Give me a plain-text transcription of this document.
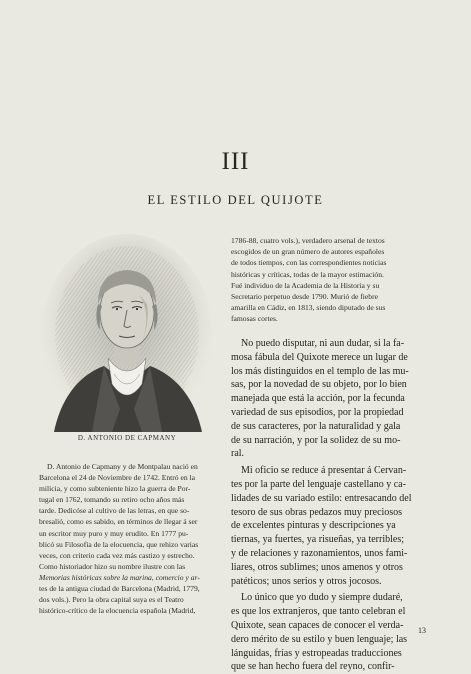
III
EL ESTILO DEL QUIJOTE
D. ANTONIO DE CAPMANY
D. Antonio de Capmany y de Montpalau nació en
Barcelona el 24 de Noviembre de 1742. Entró en la
milicia, y como subteniente hizo la guerra de Por-
tugal en 1762, tomando su retiro ocho años más
tarde. Dedicóse al cultivo de las letras, en que so-
bresalió, como es sabido, en términos de llegar á ser
un escritor muy puro y muy erudito. En 1777 pu-
blicó su Filosofía de la elocuencia, que rehizo varias
veces, con criterio cada vez más castizo y estrecho.
Como historiador hizo su nombre ilustre con las
Memorias históricas sobre la marina, comercio y ar-
tes de la antigua ciudad de Barcelona (Madrid, 1779,
dos vols.). Pero la obra capital suya es el Teatro
histórico-crítico de la elocuencia española (Madrid,
1786-88, cuatro vols.), verdadero arsenal de textos
escogidos de un gran número de autores españoles
de todos tiempos, con las correspondientes noticias
históricas y críticas, todas de la mayor estimación.
Fué individuo de la Academia de la Historia y su
Secretario perpetuo desde 1790. Murió de fiebre
amarilla en Cádiz, en 1813, siendo diputado de sus
famosas cortes.
No puedo disputar, ni aun dudar, si la fa-
mosa fábula del Quixote merece un lugar de
los más distinguidos en el templo de las mu-
sas, por la novedad de su objeto, por lo bien
manejada que está la acción, por la fecunda
variedad de sus episodios, por la propiedad
de sus caracteres, por la naturalidad y gala
de su narración, y por la solidez de su mo-
ral.
Mi oficio se reduce á presentar á Cervan-
tes por la parte del lenguaje castellano y ca-
lidades de su variado estilo: entresacando del
tesoro de sus obras pedazos muy preciosos
de excelentes pinturas y descripciones ya
tiernas, ya fuertes, ya risueñas, ya terribles;
y de relaciones y razonamientos, unos fami-
liares, otros sublimes; unos amenos y otros
patéticos; unos serios y otros jocosos.
Lo único que yo dudo y siempre dudaré,
es que los extranjeros, que tanto celebran el
Quixote, sean capaces de conocer el verda-
dero mérito de su estilo y buen lenguaje; las
lánguidas, frías y estropeadas traducciones
que se han hecho fuera del reyno, confir-
13
